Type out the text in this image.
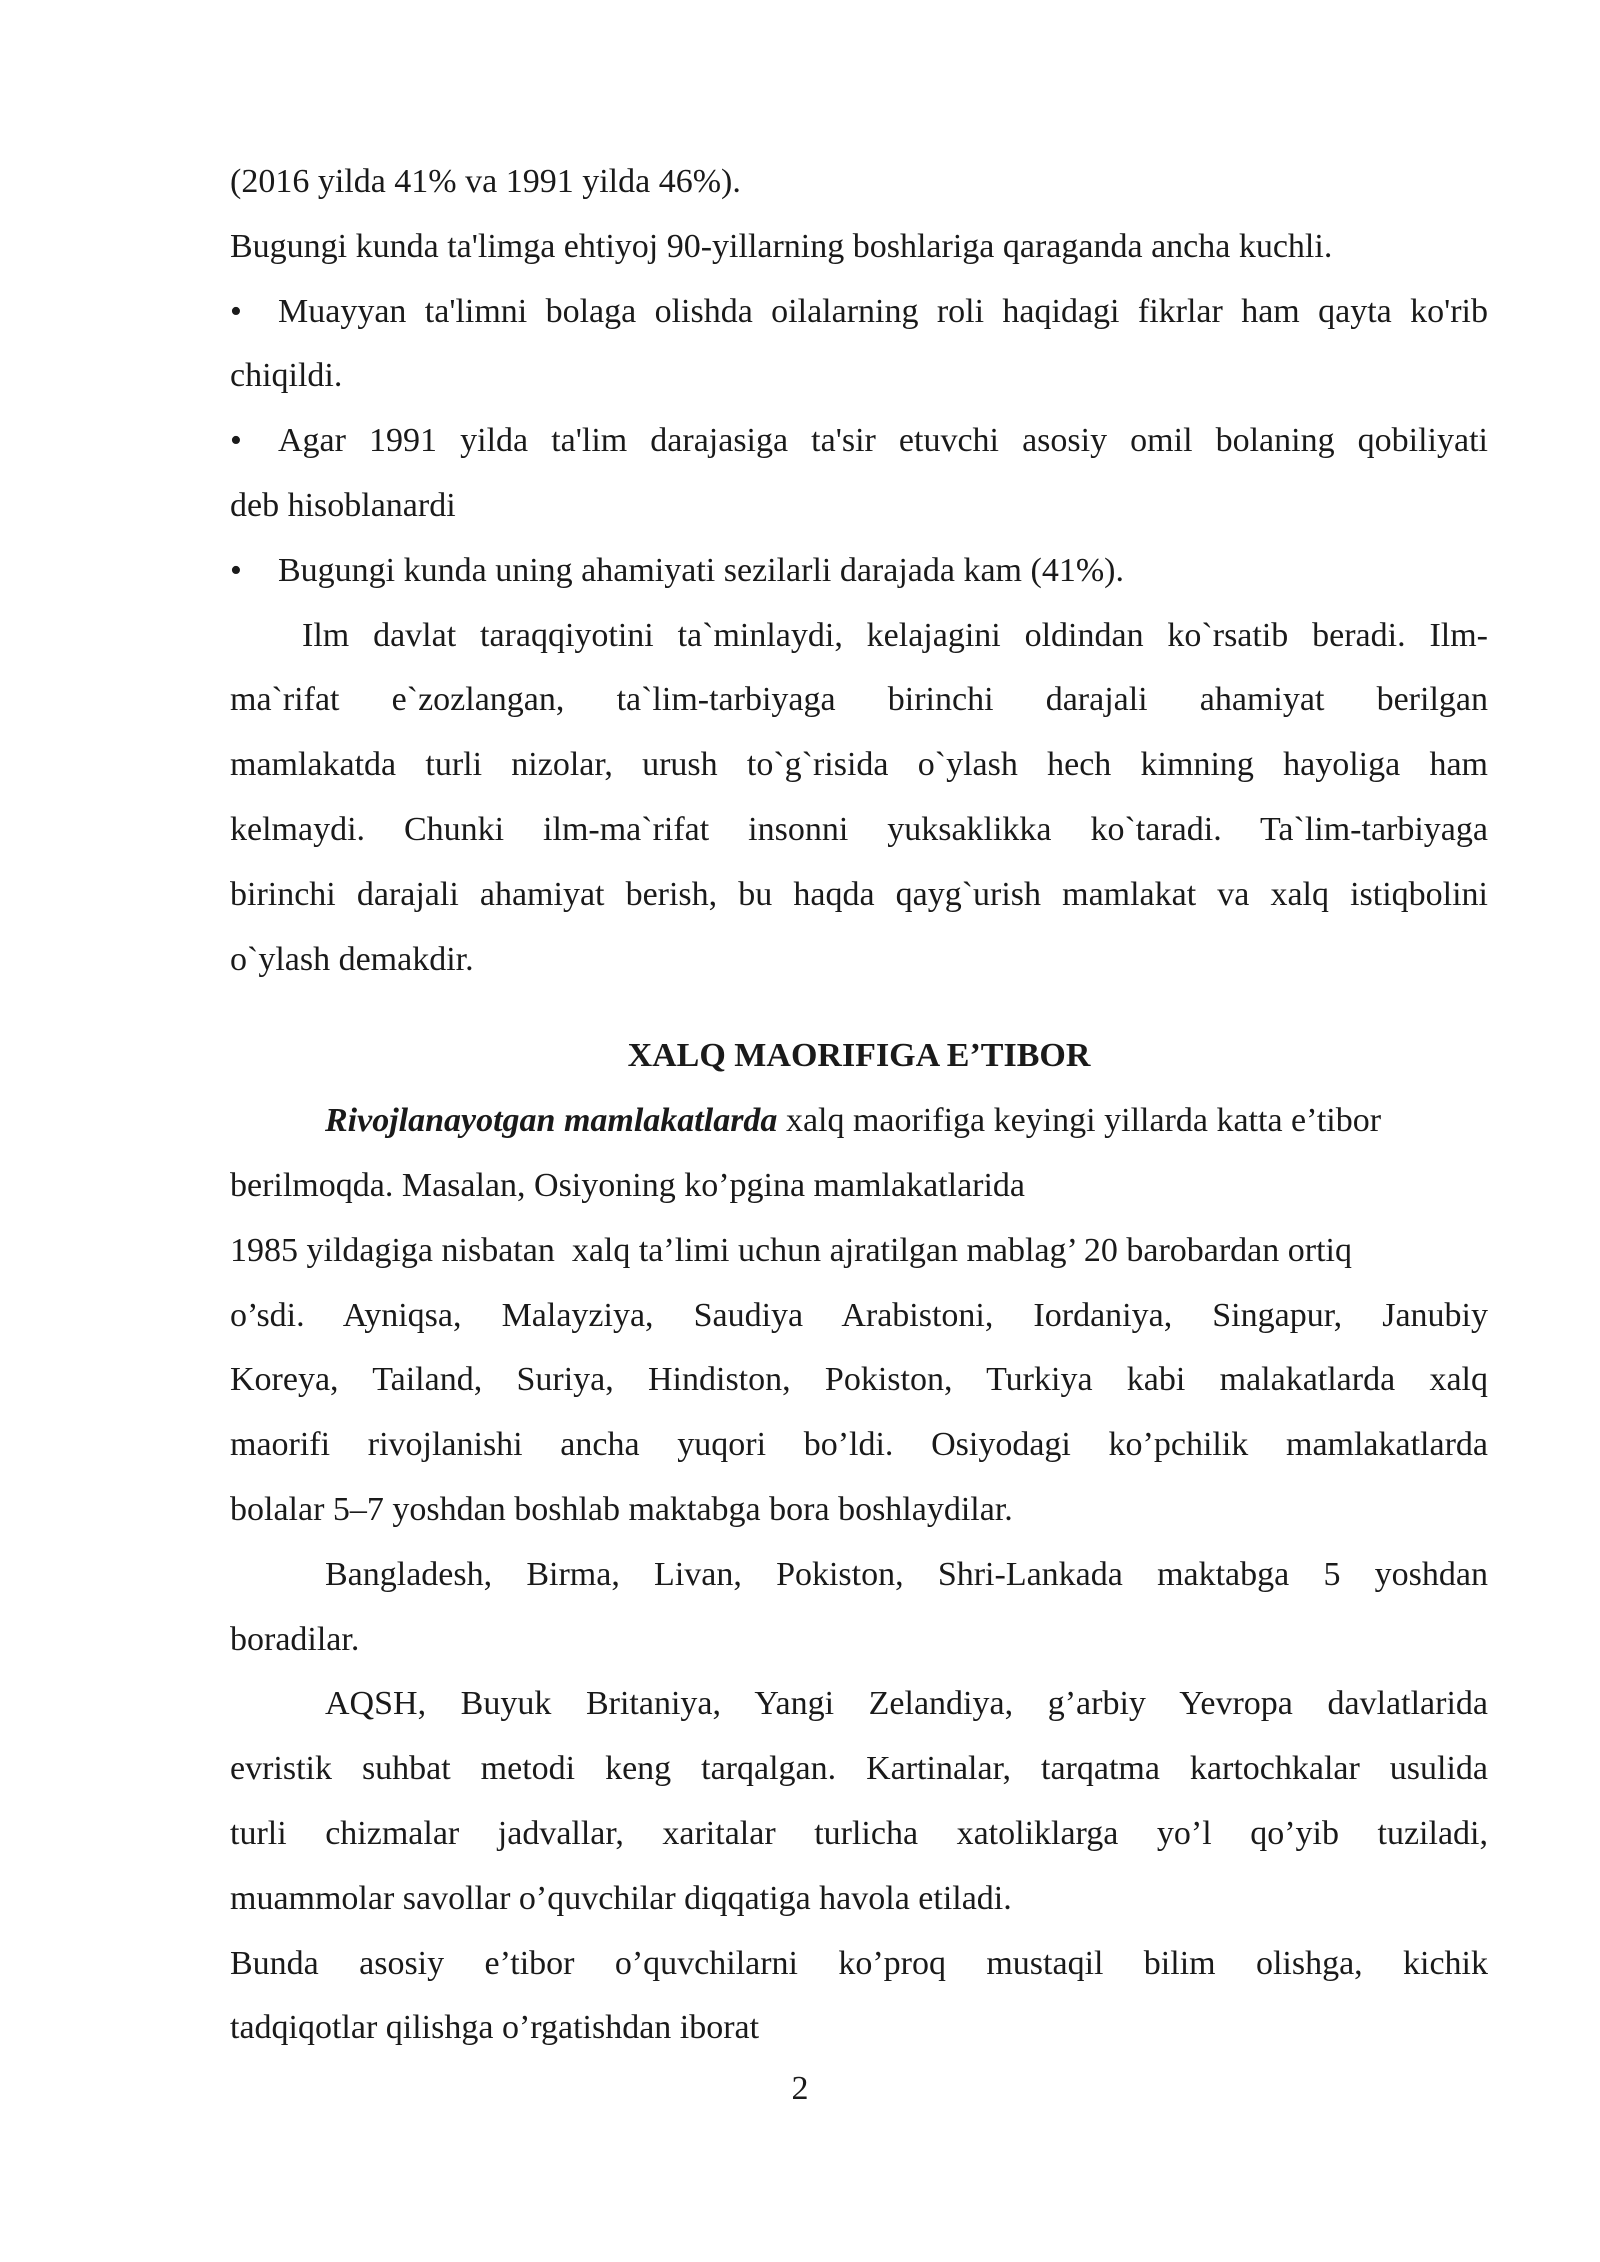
(2016 yilda 41% va 1991 yilda 46%).
Bugungi kunda ta'limga ehtiyoj 90-yillarning boshlariga qaraganda ancha kuchli.
• Muayyan ta'limni bolaga olishda oilalarning roli haqidagi fikrlar ham qayta ko'rib
chiqildi.
• Agar 1991 yilda ta'lim darajasiga ta'sir etuvchi asosiy omil bolaning qobiliyati
deb hisoblanardi
• Bugungi kunda uning ahamiyati sezilarli darajada kam (41%).
Ilm davlat taraqqiyotini ta`minlaydi, kelajagini oldindan ko`rsatib beradi. Ilm-
ma`rifat e`zozlangan, ta`lim-tarbiyaga birinchi darajali ahamiyat berilgan
mamlakatda turli nizolar, urush to`g`risida o`ylash hech kimning hayoliga ham
kelmaydi. Chunki ilm-ma`rifat insonni yuksaklikka ko`taradi. Ta`lim-tarbiyaga
birinchi darajali ahamiyat berish, bu haqda qayg`urish mamlakat va xalq istiqbolini
o`ylash demakdir.
XALQ MAORIFIGA E’TIBOR
Rivojlanayotgan mamlakatlarda xalq maorifiga keyingi yillarda katta e’tibor
berilmoqda. Masalan, Osiyoning ko’pgina mamlakatlarida
1985 yildagiga nisbatan  xalq ta’limi uchun ajratilgan mablag’ 20 barobardan ortiq
o’sdi. Ayniqsa, Malayziya, Saudiya Arabistoni, Iordaniya, Singapur, Janubiy
Koreya, Tailand, Suriya, Hindiston, Pokiston, Turkiya kabi malakatlarda xalq
maorifi rivojlanishi ancha yuqori bo’ldi. Osiyodagi ko’pchilik mamlakatlarda
bolalar 5–7 yoshdan boshlab maktabga bora boshlaydilar.
Bangladesh, Birma, Livan, Pokiston, Shri-Lankada maktabga 5 yoshdan
boradilar.
AQSH, Buyuk Britaniya, Yangi Zelandiya, g’arbiy Yevropa davlatlarida
evristik suhbat metodi keng tarqalgan. Kartinalar, tarqatma kartochkalar usulida
turli chizmalar jadvallar, xaritalar turlicha xatoliklarga yo’l qo’yib tuziladi,
muammolar savollar o’quvchilar diqqatiga havola etiladi.
Bunda asosiy e’tibor o’quvchilarni ko’proq mustaqil bilim olishga, kichik
tadqiqotlar qilishga o’rgatishdan iborat
2
